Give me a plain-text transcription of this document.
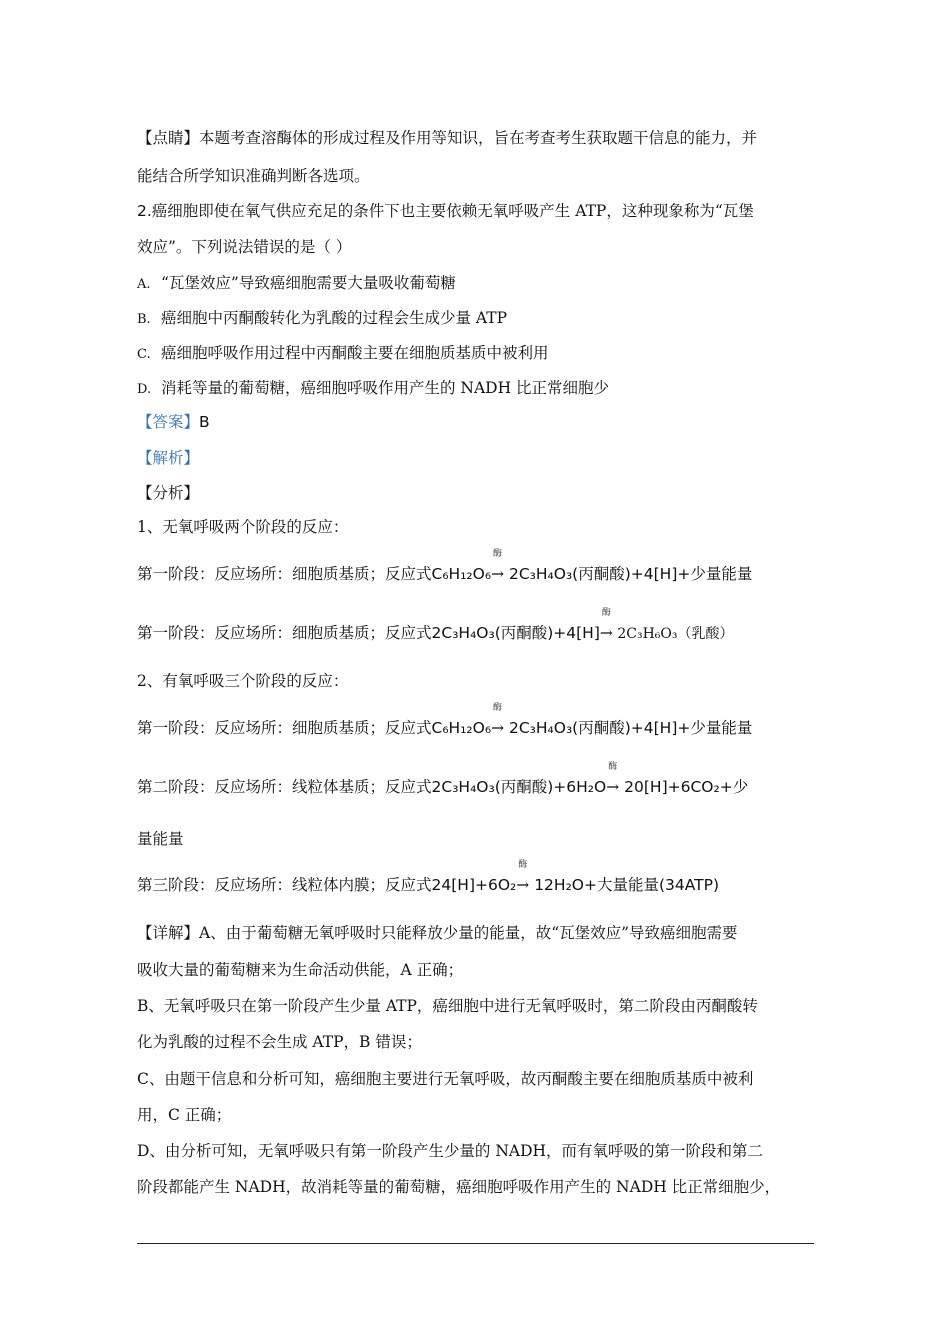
【点睛】本题考查溶酶体的形成过程及作用等知识，旨在考查考生获取题干信息的能力，并
能结合所学知识准确判断各选项。
2.癌细胞即使在氧气供应充足的条件下也主要依赖无氧呼吸产生 ATP，这种现象称为“瓦堡
效应”。下列说法错误的是（ ）
A. “瓦堡效应”导致癌细胞需要大量吸收葡萄糖
B. 癌细胞中丙酮酸转化为乳酸的过程会生成少量 ATP
C. 癌细胞呼吸作用过程中丙酮酸主要在细胞质基质中被利用
D. 消耗等量的葡萄糖，癌细胞呼吸作用产生的 NADH 比正常细胞少
【答案】B
【解析】
【分析】
1、无氧呼吸两个阶段的反应：
第一阶段：反应场所：细胞质基质；反应式C₆H₁₂O₆
酶
→ 2C₃H₄O₃(丙酮酸)+4[H]+少量能量
第一阶段：反应场所：细胞质基质；反应式2C₃H₄O₃(丙酮酸)+4[H]
酶
→ 2C₃H₆O₃（乳酸）
2、有氧呼吸三个阶段的反应：
第一阶段：反应场所：细胞质基质；反应式C₆H₁₂O₆
酶
→ 2C₃H₄O₃(丙酮酸)+4[H]+少量能量
第二阶段：反应场所：线粒体基质；反应式2C₃H₄O₃(丙酮酸)+6H₂O
酶
→ 20[H]+6CO₂+少
量能量
第三阶段：反应场所：线粒体内膜；反应式24[H]+6O₂
酶
→ 12H₂O+大量能量(34ATP)
【详解】A、由于葡萄糖无氧呼吸时只能释放少量的能量，故“瓦堡效应”导致癌细胞需要
吸收大量的葡萄糖来为生命活动供能，A 正确；
B、无氧呼吸只在第一阶段产生少量 ATP，癌细胞中进行无氧呼吸时，第二阶段由丙酮酸转
化为乳酸的过程不会生成 ATP，B 错误；
C、由题干信息和分析可知，癌细胞主要进行无氧呼吸，故丙酮酸主要在细胞质基质中被利
用，C 正确；
D、由分析可知，无氧呼吸只有第一阶段产生少量的 NADH，而有氧呼吸的第一阶段和第二
阶段都能产生 NADH，故消耗等量的葡萄糖，癌细胞呼吸作用产生的 NADH 比正常细胞少，
